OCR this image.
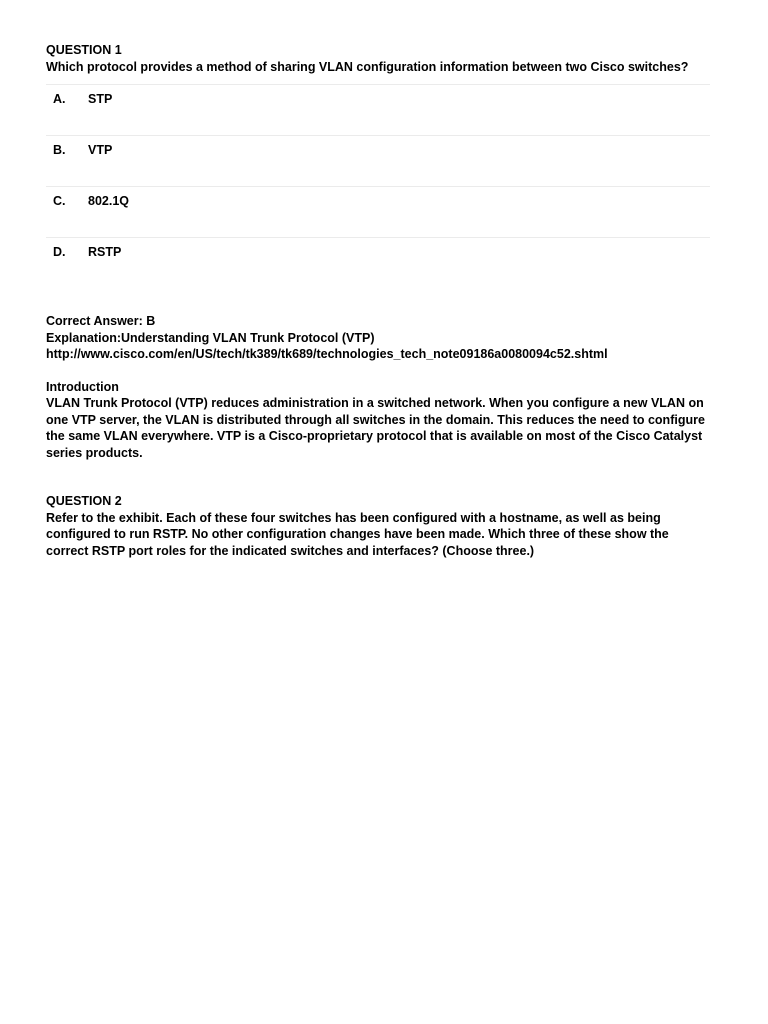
QUESTION 1

Which protocol provides a method of sharing VLAN configuration information between two Cisco switches?

A.	STP
B.	VTP
C.	802.1Q
D.	RSTP

Correct Answer: B

Explanation:Understanding VLAN Trunk Protocol (VTP)

http://www.cisco.com/en/US/tech/tk389/tk689/technologies_tech_note09186a0080094c52.shtml

Introduction

VLAN Trunk Protocol (VTP) reduces administration in a switched network. When you configure a new VLAN on one VTP server, the VLAN is distributed through all switches in the domain. This reduces the need to configure the same VLAN everywhere. VTP is a Cisco-proprietary protocol that is available on most of the Cisco Catalyst series products.

QUESTION 2

Refer to the exhibit. Each of these four switches has been configured with a hostname, as well as being configured to run RSTP. No other configuration changes have been made. Which three of these show the correct RSTP port roles for the indicated switches and interfaces? (Choose three.)
